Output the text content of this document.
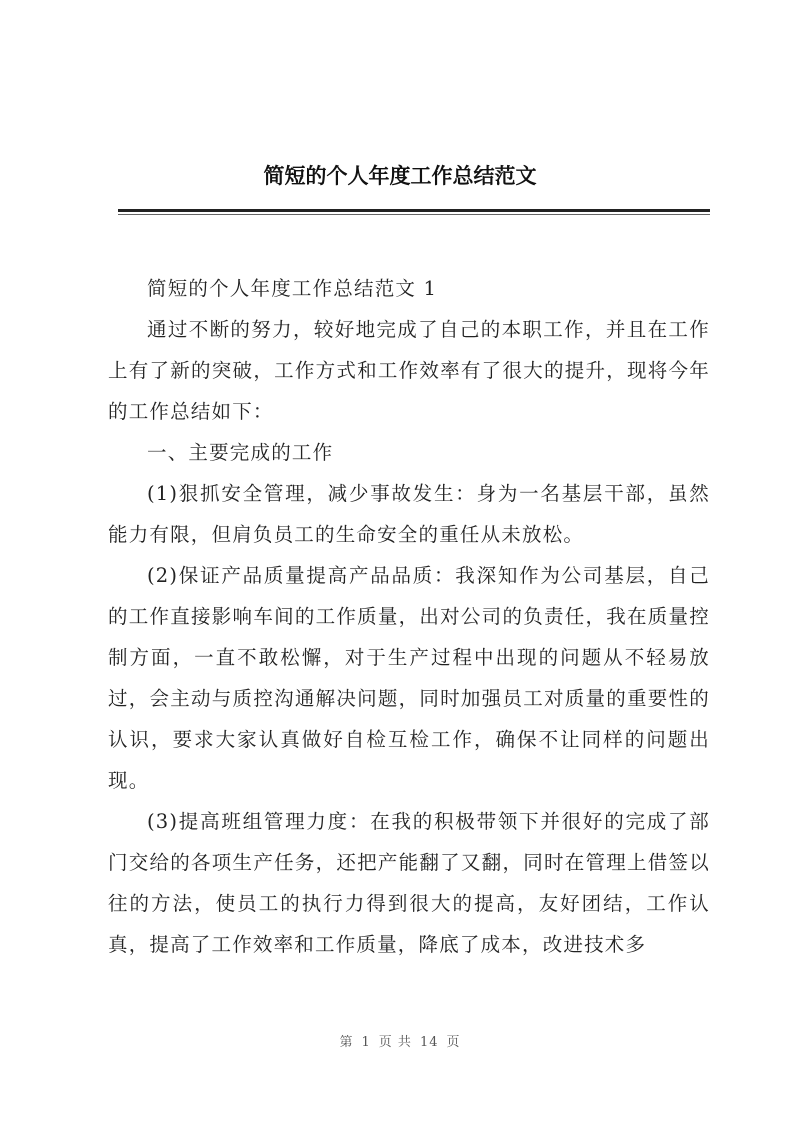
简短的个人年度工作总结范文

简短的个人年度工作总结范文 1

通过不断的努力，较好地完成了自己的本职工作，并且在工作上有了新的突破，工作方式和工作效率有了很大的提升，现将今年的工作总结如下：

一、主要完成的工作

(1)狠抓安全管理，减少事故发生：身为一名基层干部，虽然能力有限，但肩负员工的生命安全的重任从未放松。

(2)保证产品质量提高产品品质：我深知作为公司基层，自己的工作直接影响车间的工作质量，出对公司的负责任，我在质量控制方面，一直不敢松懈，对于生产过程中出现的问题从不轻易放过，会主动与质控沟通解决问题，同时加强员工对质量的重要性的认识，要求大家认真做好自检互检工作，确保不让同样的问题出现。

(3)提高班组管理力度：在我的积极带领下并很好的完成了部门交给的各项生产任务，还把产能翻了又翻，同时在管理上借签以往的方法，使员工的执行力得到很大的提高，友好团结，工作认真，提高了工作效率和工作质量，降底了成本，改进技术多

第 1 页 共 14 页
